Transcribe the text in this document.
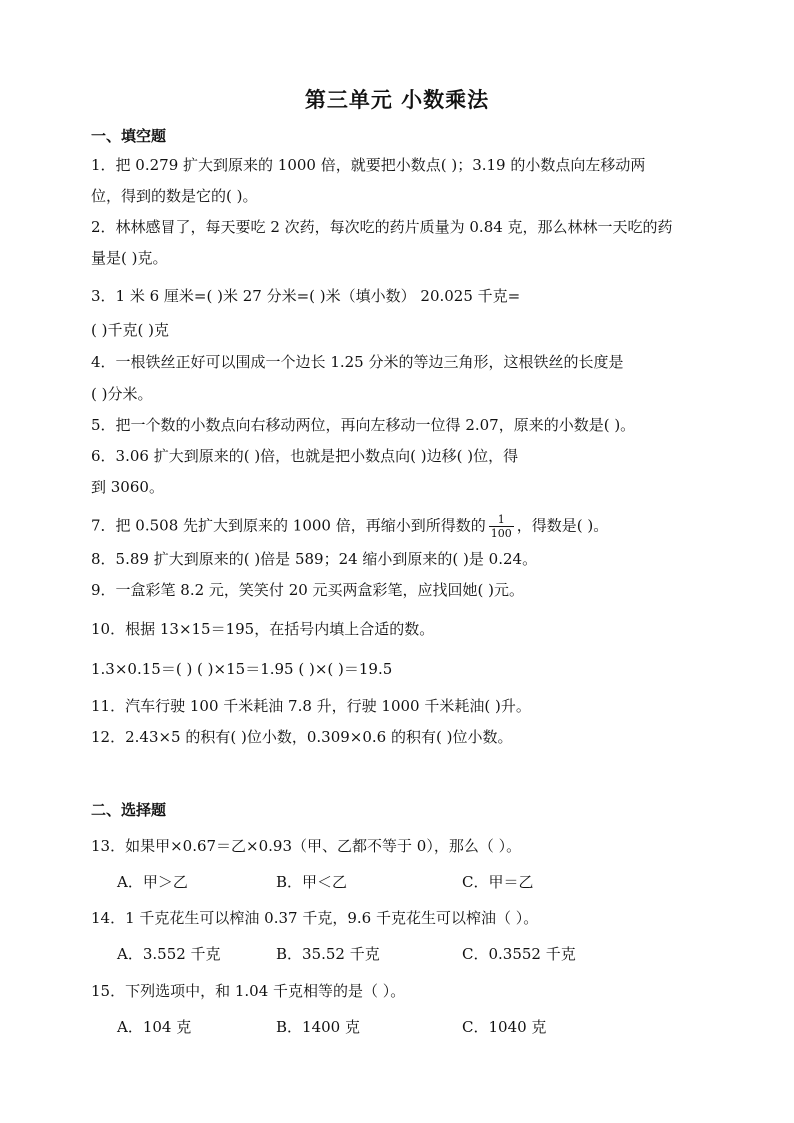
第三单元 小数乘法
一、填空题
1．把 0.279 扩大到原来的 1000 倍，就要把小数点( )；3.19 的小数点向左移动两
位，得到的数是它的( )。
2．林林感冒了，每天要吃 2 次药，每次吃的药片质量为 0.84 克，那么林林一天吃的药
量是( )克。
3．1 米 6 厘米=( )米 27 分米=( )米（填小数） 20.025 千克=
( )千克( )克
4．一根铁丝正好可以围成一个边长 1.25 分米的等边三角形，这根铁丝的长度是
( )分米。
5．把一个数的小数点向右移动两位，再向左移动一位得 2.07，原来的小数是( )。
6．3.06 扩大到原来的( )倍，也就是把小数点向( )边移( )位，得
到 3060。
7．把 0.508 先扩大到原来的 1000 倍，再缩小到所得数的 $\frac{1}{100}$ ，得数是( )。
8．5.89 扩大到原来的( )倍是 589；24 缩小到原来的( )是 0.24。
9．一盒彩笔 8.2 元，笑笑付 20 元买两盒彩笔，应找回她( )元。
10．根据 13×15＝195，在括号内填上合适的数。
1.3×0.15＝( ) ( )×15＝1.95 ( )×( )＝19.5
11．汽车行驶 100 千米耗油 7.8 升，行驶 1000 千米耗油( )升。
12．2.43×5 的积有( )位小数，0.309×0.6 的积有( )位小数。
二、选择题
13．如果甲×0.67＝乙×0.93（甲、乙都不等于 0），那么（ ）。
A．甲＞乙	B．甲＜乙	C．甲＝乙
14．1 千克花生可以榨油 0.37 千克，9.6 千克花生可以榨油（ ）。
A．3.552 千克	B．35.52 千克	C．0.3552 千克
15．下列选项中，和 1.04 千克相等的是（ ）。
A．104 克	B．1400 克	C．1040 克
